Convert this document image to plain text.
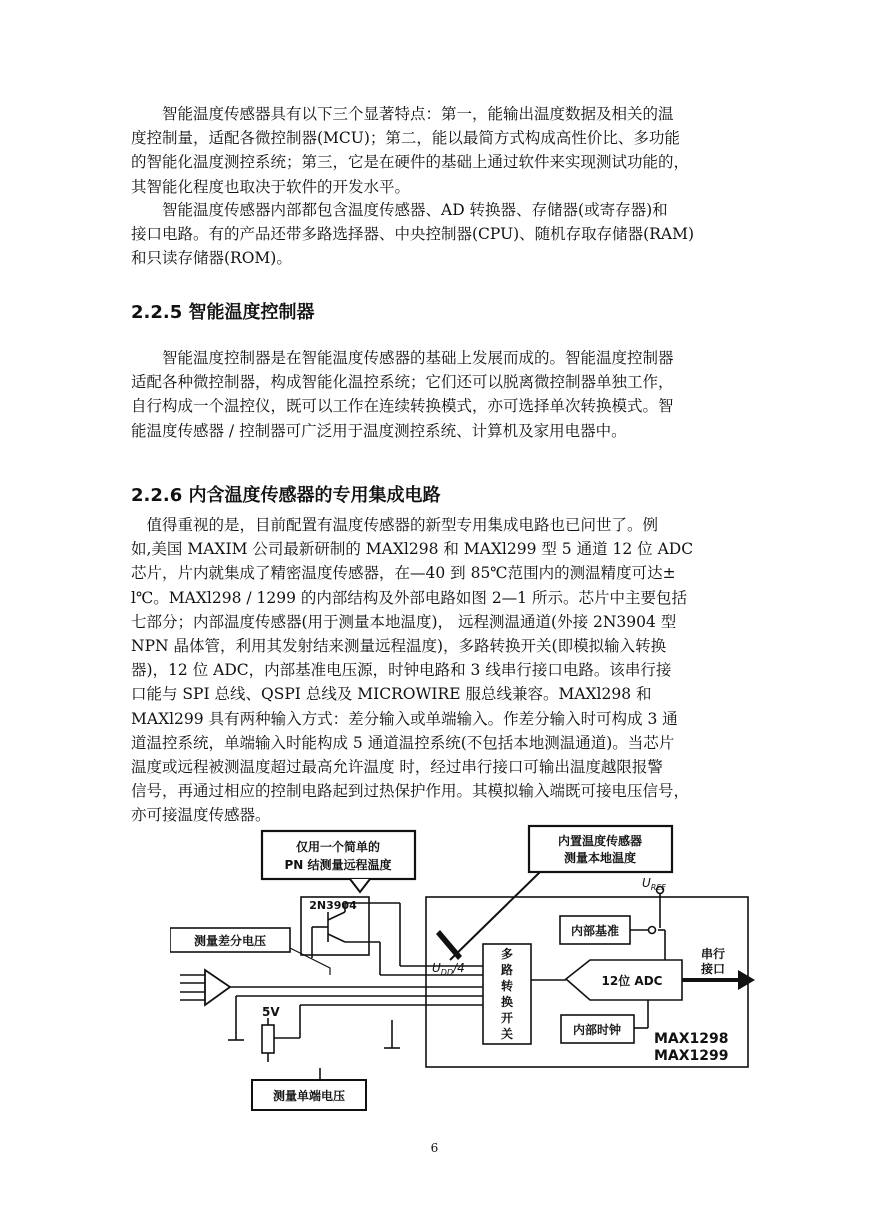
　　智能温度传感器具有以下三个显著特点：第一，能输出温度数据及相关的温
度控制量，适配各微控制器(MCU)；第二，能以最简方式构成高性价比、多功能
的智能化温度测控系统；第三，它是在硬件的基础上通过软件来实现测试功能的，
其智能化程度也取决于软件的开发水平。
　　智能温度传感器内部都包含温度传感器、AD 转换器、存储器(或寄存器)和
接口电路。有的产品还带多路选择器、中央控制器(CPU)、随机存取存储器(RAM)
和只读存储器(ROM)。
2.2.5 智能温度控制器
　　智能温度控制器是在智能温度传感器的基础上发展而成的。智能温度控制器
适配各种微控制器，构成智能化温控系统；它们还可以脱离微控制器单独工作，
自行构成一个温控仪，既可以工作在连续转换模式，亦可选择单次转换模式。智
能温度传感器 / 控制器可广泛用于温度测控系统、计算机及家用电器中。
2.2.6 内含温度传感器的专用集成电路
　值得重视的是，目前配置有温度传感器的新型专用集成电路也已问世了。例
如,美国 MAXIM 公司最新研制的 MAXl298 和 MAXl299 型 5 通道 12 位 ADC
芯片，片内就集成了精密温度传感器，在—40 到 85℃范围内的测温精度可达±
l℃。MAXl298 / 1299 的内部结构及外部电路如图 2—1 所示。芯片中主要包括
七部分；内部温度传感器(用于测量本地温度)， 远程测温通道(外接 2N3904 型
NPN 晶体管，利用其发射结来测量远程温度)，多路转换开关(即模拟输入转换
器)，12 位 ADC，内部基准电压源，时钟电路和 3 线串行接口电路。该串行接
口能与 SPI 总线、QSPI 总线及 MICROWIRE 服总线兼容。MAXl298 和
MAXl299 具有两种输入方式：差分输入或单端输入。作差分输入时可构成 3 通
道温控系统，单端输入时能构成 5 通道温控系统(不包括本地测温通道)。当芯片
温度或远程被测温度超过最高允许温度 时，经过串行接口可输出温度越限报警
信号，再通过相应的控制电路起到过热保护作用。其模拟输入端既可接电压信号，
亦可接温度传感器。
仅用一个简单的
PN 结测量远程温度
内置温度传感器
测量本地温度
2N3904
测量差分电压
测量单端电压
5V
$U_{DD}/4$
$U_{REF}$
多
路
转
换
开
关
内部基准
12位 ADC
内部时钟
串行
接口
MAX1298
MAX1299
6
